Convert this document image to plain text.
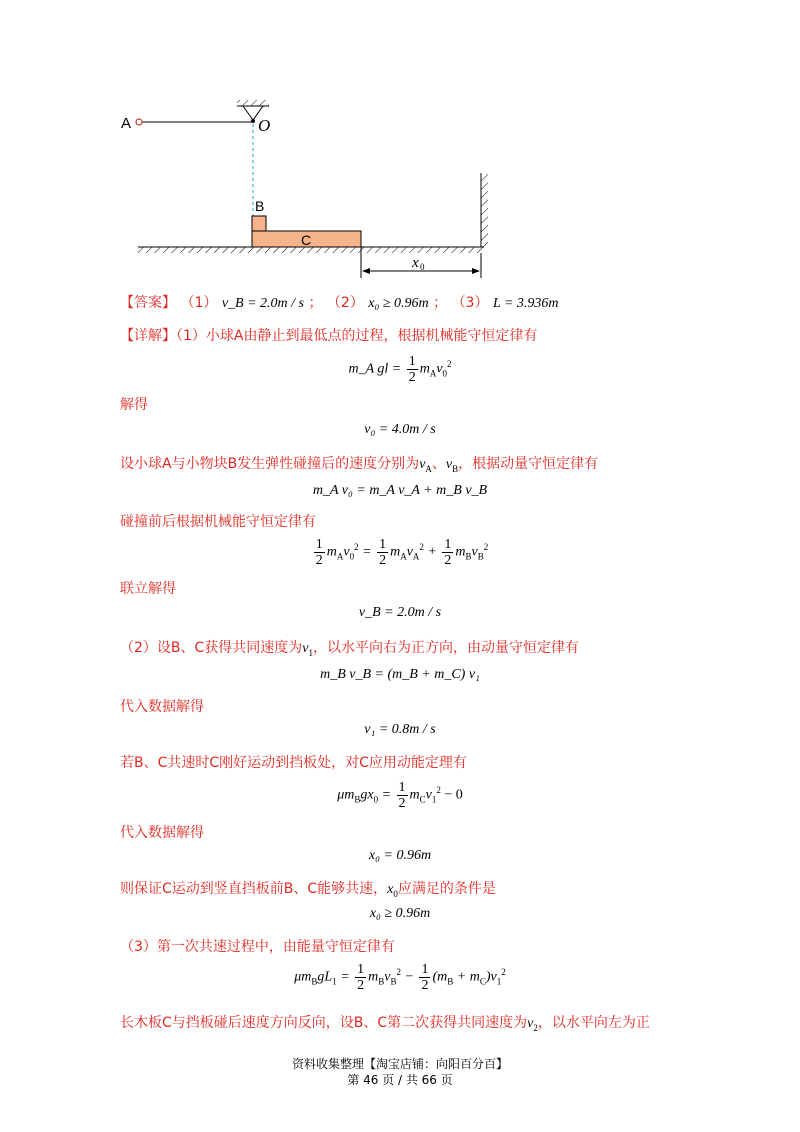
A	O
B
C
x 0
【答案】 （1） v_B = 2.0m / s ； （2） x₀ ≥ 0.96m ； （3） L = 3.936m
【详解】（1）小球A由静止到最低点的过程，根据机械能守恒定律有
m_A gl = $\frac{1}{2} m_Av_0^2$
解得
v₀ = 4.0m / s
设小球A与小物块B发生弹性碰撞后的速度分别为$v_A$、$v_B$，根据动量守恒定律有
m_A v₀ = m_A v_A + m_B v_B
碰撞前后根据机械能守恒定律有
$\frac{1}{2} m_Av_0^2 = \frac{1}{2} m_Av_A^2 + \frac{1}{2} m_Bv_B^2$
联立解得
v_B = 2.0m / s
（2）设B、C获得共同速度为$v_1$，以水平向右为正方向，由动量守恒定律有
m_B v_B = (m_B + m_C) v₁
代入数据解得
v₁ = 0.8m / s
若B、C共速时C刚好运动到挡板处，对C应用动能定理有
$\mu m_Bgx_0 = \frac{1}{2} m_Cv_1^2 - 0$
代入数据解得
x₀ = 0.96m
则保证C运动到竖直挡板前B、C能够共速，$x_0$应满足的条件是
x₀ ≥ 0.96m
（3）第一次共速过程中，由能量守恒定律有
$\mu m_BgL_1 = \frac{1}{2} m_Bv_B^2 - \frac{1}{2} (m_B + m_C)v_1^2$
长木板C与挡板碰后速度方向反向，设B、C第二次获得共同速度为$v_2$，以水平向左为正
资料收集整理【淘宝店铺：向阳百分百】
第 46 页 / 共 66 页
